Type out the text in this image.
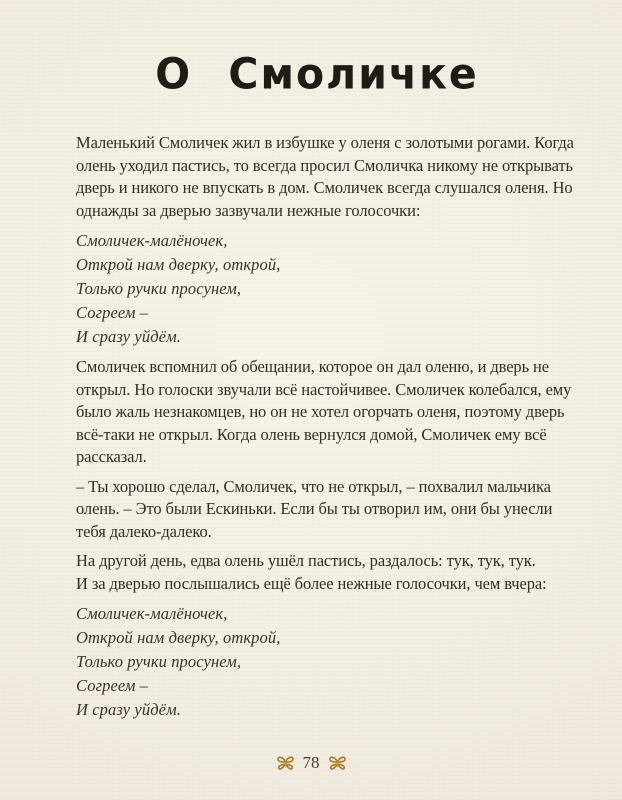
О Смоличке

Маленький Смоличек жил в избушке у оленя с золотыми рогами. Когда
олень уходил пастись, то всегда просил Смоличка никому не открывать
дверь и никого не впускать в дом. Смоличек всегда слушался оленя. Но
однажды за дверью зазвучали нежные голосочки:

Смоличек-малёночек,
Открой нам дверку, открой,
Только ручки просунем,
Согреем –
И сразу уйдём.

Смоличек вспомнил об обещании, которое он дал оленю, и дверь не
открыл. Но голоски звучали всё настойчивее. Смоличек колебался, ему
было жаль незнакомцев, но он не хотел огорчать оленя, поэтому дверь
всё-таки не открыл. Когда олень вернулся домой, Смоличек ему всё
рассказал.

– Ты хорошо сделал, Смоличек, что не открыл, – похвалил мальчика
олень. – Это были Ескиньки. Если бы ты отворил им, они бы унесли
тебя далеко-далеко.

На другой день, едва олень ушёл пастись, раздалось: тук, тук, тук.
И за дверью послышались ещё более нежные голосочки, чем вчера:

Смоличек-малёночек,
Открой нам дверку, открой,
Только ручки просунем,
Согреем –
И сразу уйдём.
78
